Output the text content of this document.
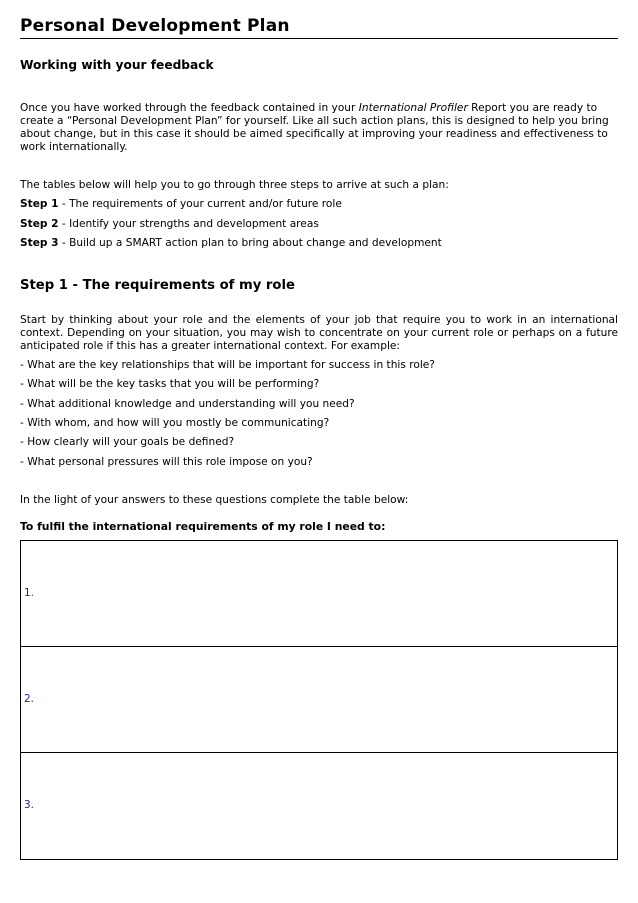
Personal Development Plan
Working with your feedback

Once you have worked through the feedback contained in your International Profiler Report you are ready to create a “Personal Development Plan” for yourself. Like all such action plans, this is designed to help you bring about change, but in this case it should be aimed specifically at improving your readiness and effectiveness to work internationally.

The tables below will help you to go through three steps to arrive at such a plan:

Step 1 - The requirements of your current and/or future role
Step 2 - Identify your strengths and development areas
Step 3 - Build up a SMART action plan to bring about change and development
Step 1 - The requirements of my role

Start by thinking about your role and the elements of your job that require you to work in an international context. Depending on your situation, you may wish to concentrate on your current role or perhaps on a future anticipated role if this has a greater international context. For example:

- What are the key relationships that will be important for success in this role?
- What will be the key tasks that you will be performing?
- What additional knowledge and understanding will you need?
- With whom, and how will you mostly be communicating?
- How clearly will your goals be defined?
- What personal pressures will this role impose on you?

In the light of your answers to these questions complete the table below:

To fulfil the international requirements of my role I need to:
1.
2.
3.
